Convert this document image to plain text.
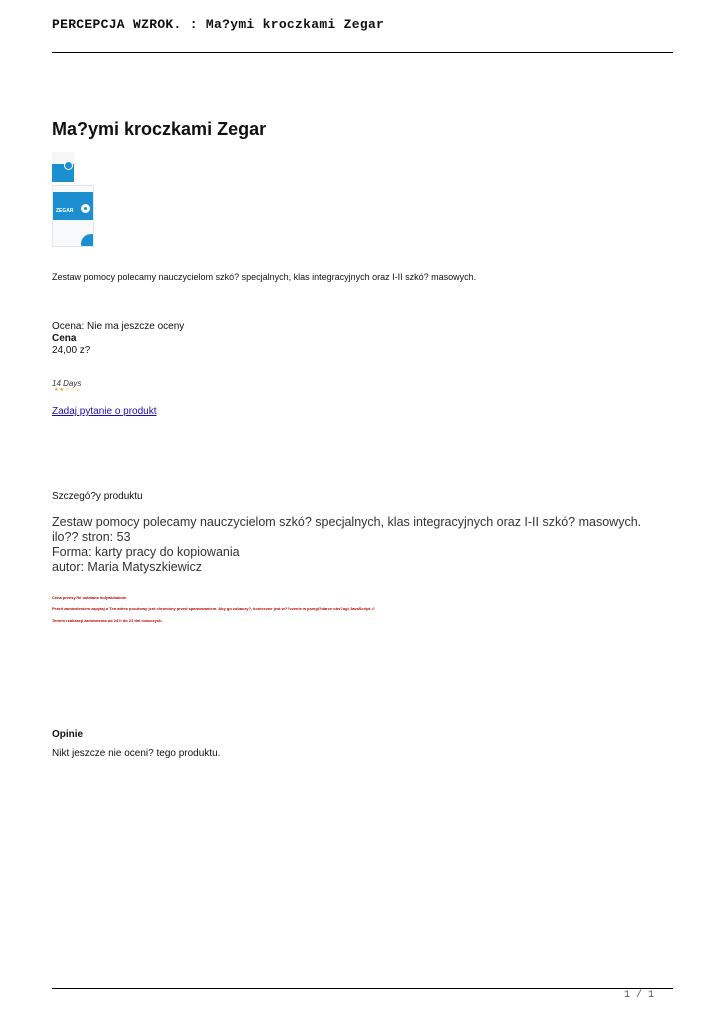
PERCEPCJA WZROK. : Ma?ymi kroczkami Zegar
Ma?ymi kroczkami Zegar
ZEGAR
Zestaw pomocy polecamy nauczycielom szkó? specjalnych, klas integracyjnych oraz I-II szkó? masowych.
Ocena: Nie ma jeszcze oceny
Cena
24,00 z?
14 Days
★★☆☆☆
Zadaj pytanie o produkt
Szczegó?y produktu
Zestaw pomocy polecamy nauczycielom szkó? specjalnych, klas integracyjnych oraz I-II szkó? masowych.
ilo?? stron: 53
Forma: karty pracy do kopiowania
autor: Maria Matyszkiewicz
Cena przesy?ki ustalana indywidualnie.
Przed zamówieniem zapytaj o Ten adres pocztowy jest chroniony przed spamowaniem. Aby go zobaczy?, konieczne jest w??czenie w przegl?darce obs?ugi JavaScript. //
Termin realizacji zamówienia od 24 h do 21 dni roboczych.
Opinie
Nikt jeszcze nie oceni? tego produktu.
1 / 1
